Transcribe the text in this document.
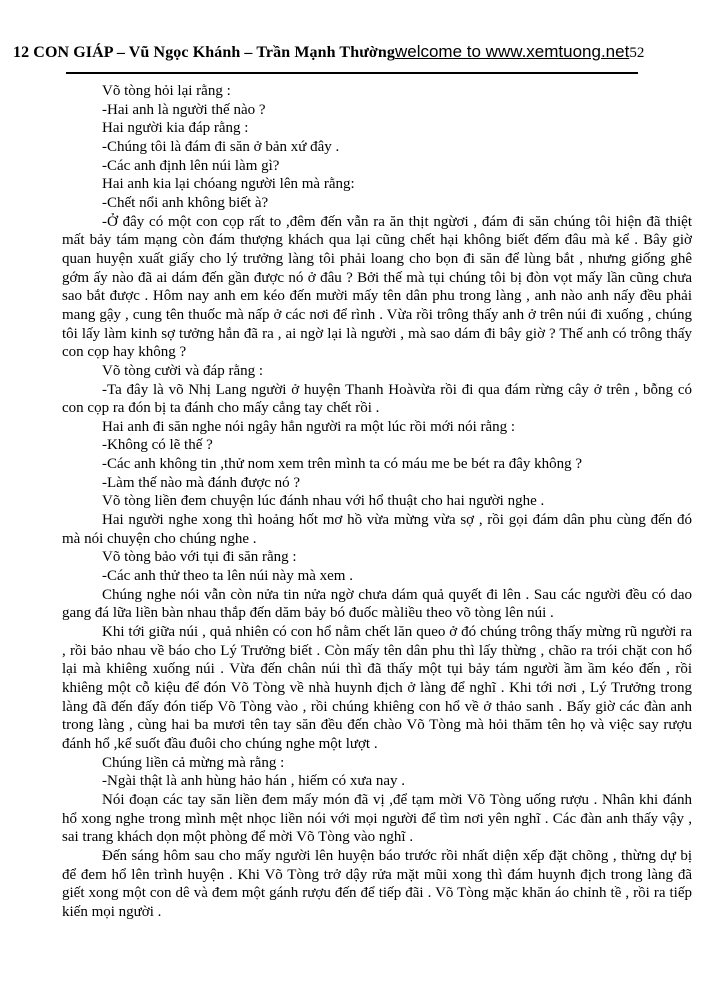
12 CON GIÁP – Vũ Ngọc Khánh – Trần Mạnh Thường welcome to www.xemtuong.net 52

Võ tòng hỏi lại rằng :

-Hai anh là người thế nào ?

Hai người kia đáp rằng :

-Chúng tôi là đám đi săn ở bản xứ đây .

-Các anh định lên núi làm gì?

Hai anh kia lại chóang người lên mà rằng:

-Chết nổi anh không biết à?

-Ở đây có một con cọp rất to ,đêm đến vẫn ra ăn thịt ngừơi , đám đi săn chúng tôi hiện đã thiệt mất bảy tám mạng còn đám thượng khách qua lại cũng chết hại không biết đếm đâu mà kể . Bây giờ quan huyện xuất giấy cho lý trưởng làng tôi phải loang cho bọn đi săn để lùng bắt , nhưng giống ghê gớm ấy nào đã ai dám đến gần được nó ở đâu ? Bởi thế mà tụi chúng tôi bị đòn vọt mấy lần cũng chưa sao bắt được . Hôm nay anh em kéo đến mười mấy tên dân phu trong làng , anh nào anh nấy đều phải mang gậy , cung tên thuốc mà nấp ở các nơi để rình . Vừa rồi trông thấy anh ở trên núi đi xuống , chúng tôi lấy làm kinh sợ tưởng hắn đã ra , ai ngờ lại là người , mà sao dám đi bây giờ ? Thế anh có trông thấy con cọp hay không ?

Võ tòng cười và đáp rằng :

-Ta đây là võ Nhị Lang người ở huyện Thanh Hoàvừa rồi đi qua đám rừng cây ở trên , bỗng có con cọp ra đón bị ta đánh cho mấy cẳng tay chết rồi .

Hai anh đi săn nghe nói ngây hẳn người ra một lúc rồi mới nói rằng :

-Không có lẽ thế ?

-Các anh không tin ,thử nom xem trên mình ta có máu me be bét ra đây không ?

-Làm thế nào mà đánh được nó ?

Võ tòng liền đem chuyện lúc đánh nhau với hổ thuật cho hai người nghe .

Hai người nghe xong thì hoảng hốt mơ hồ vừa mừng vừa sợ , rồi gọi đám dân phu cùng đến đó mà nói chuyện cho chúng nghe .

Võ tòng bảo với tụi đi săn rằng :

-Các anh thử theo ta lên núi này mà xem .

Chúng nghe nói vẫn còn nửa tin nửa ngờ chưa dám quả quyết đi lên . Sau các người đều có dao gang đá lữa liền bàn nhau thắp đến dăm bảy bó đuốc màliều theo võ tòng lên núi .

Khi tới giữa núi , quả nhiên có con hổ nằm chết lăn queo ở đó chúng trông thấy mừng rũ người ra , rồi bảo nhau về báo cho Lý Trưởng biết . Còn mấy tên dân phu thì lấy thừng , chão ra trói chặt con hổ lại mà khiêng xuống núi . Vừa đến chân núi thì đã thấy một tụi bảy tám người ầm ầm kéo đến , rồi khiêng một cỗ kiệu để đón Võ Tòng về nhà huynh địch ở làng để nghĩ . Khi tới nơi , Lý Trưởng trong làng đã đến đấy đón tiếp Võ Tòng vào , rồi chúng khiêng con hổ về ở thảo sanh . Bấy giờ các đàn anh trong làng , cùng hai ba mươi tên tay săn đều đến chào Võ Tòng mà hỏi thăm tên họ và việc say rượu đánh hổ ,kể suốt đầu đuôi cho chúng nghe một lượt .

Chúng liền cả mừng mà rằng :

-Ngài thật là anh hùng hảo hán , hiếm có xưa nay .

Nói đoạn các tay săn liền đem mấy món đã vị ,để tạm mời Võ Tòng uống rượu . Nhân khi đánh hổ xong nghe trong mình mệt nhọc liền nói với mọi người để tìm nơi yên nghĩ . Các đàn anh thấy vậy , sai trang khách dọn một phòng để mời Võ Tòng vào nghĩ .

Đến sáng hôm sau cho mấy người lên huyện báo trước rồi nhất diện xếp đặt chõng , thừng dự bị để đem hổ lên trình huyện . Khi Võ Tòng trở dậy rửa mặt mũi xong thì đám huynh địch trong làng đã giết xong một con dê và đem một gánh rượu đến để tiếp đãi . Võ Tòng mặc khăn áo chỉnh tề , rồi ra tiếp kiến mọi người .
